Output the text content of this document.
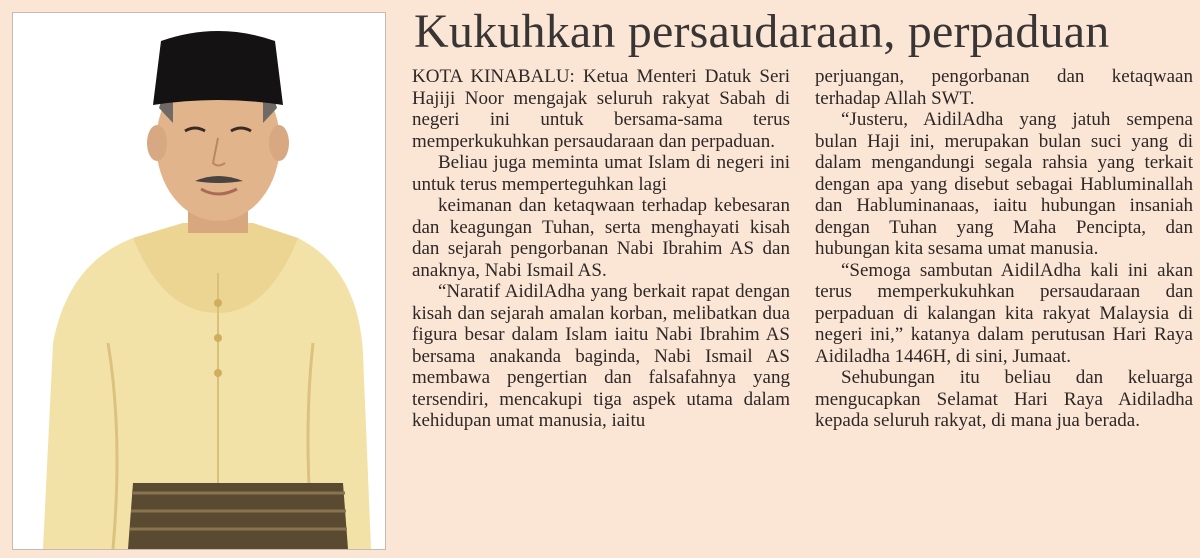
Kukuhkan persaudaraan, perpaduan

KOTA KINABALU: Ketua Menteri Datuk Seri Hajiji Noor mengajak seluruh rakyat Sabah di negeri ini untuk bersama-sama terus memperkukuhkan persaudaraan dan perpaduan.

Beliau juga meminta umat Islam di negeri ini untuk terus memperteguhkan lagi

keimanan dan ketaqwaan terhadap kebesaran dan keagungan Tuhan, serta menghayati kisah dan sejarah pengorbanan Nabi Ibrahim AS dan anaknya, Nabi Ismail AS.

“Naratif AidilAdha yang berkait rapat dengan kisah dan sejarah amalan korban, melibatkan dua figura besar dalam Islam iaitu Nabi Ibrahim AS bersama anakanda baginda, Nabi Ismail AS membawa pengertian dan falsafahnya yang tersendiri, mencakupi tiga aspek utama dalam kehidupan umat manusia, iaitu

perjuangan, pengorbanan dan ketaqwaan terhadap Allah SWT.

“Justeru, AidilAdha yang jatuh sempena bulan Haji ini, merupakan bulan suci yang di dalam mengandungi segala rahsia yang terkait dengan apa yang disebut sebagai Habluminallah dan Habluminanaas, iaitu hubungan insaniah dengan Tuhan yang Maha Pencipta, dan hubungan kita sesama umat manusia.

“Semoga sambutan AidilAdha kali ini akan terus memperkukuhkan persaudaraan dan perpaduan di kalangan kita rakyat Malaysia di negeri ini,” katanya dalam perutusan Hari Raya Aidiladha 1446H, di sini, Jumaat.

Sehubungan itu beliau dan keluarga mengucapkan Selamat Hari Raya Aidiladha kepada seluruh rakyat, di mana jua berada.
